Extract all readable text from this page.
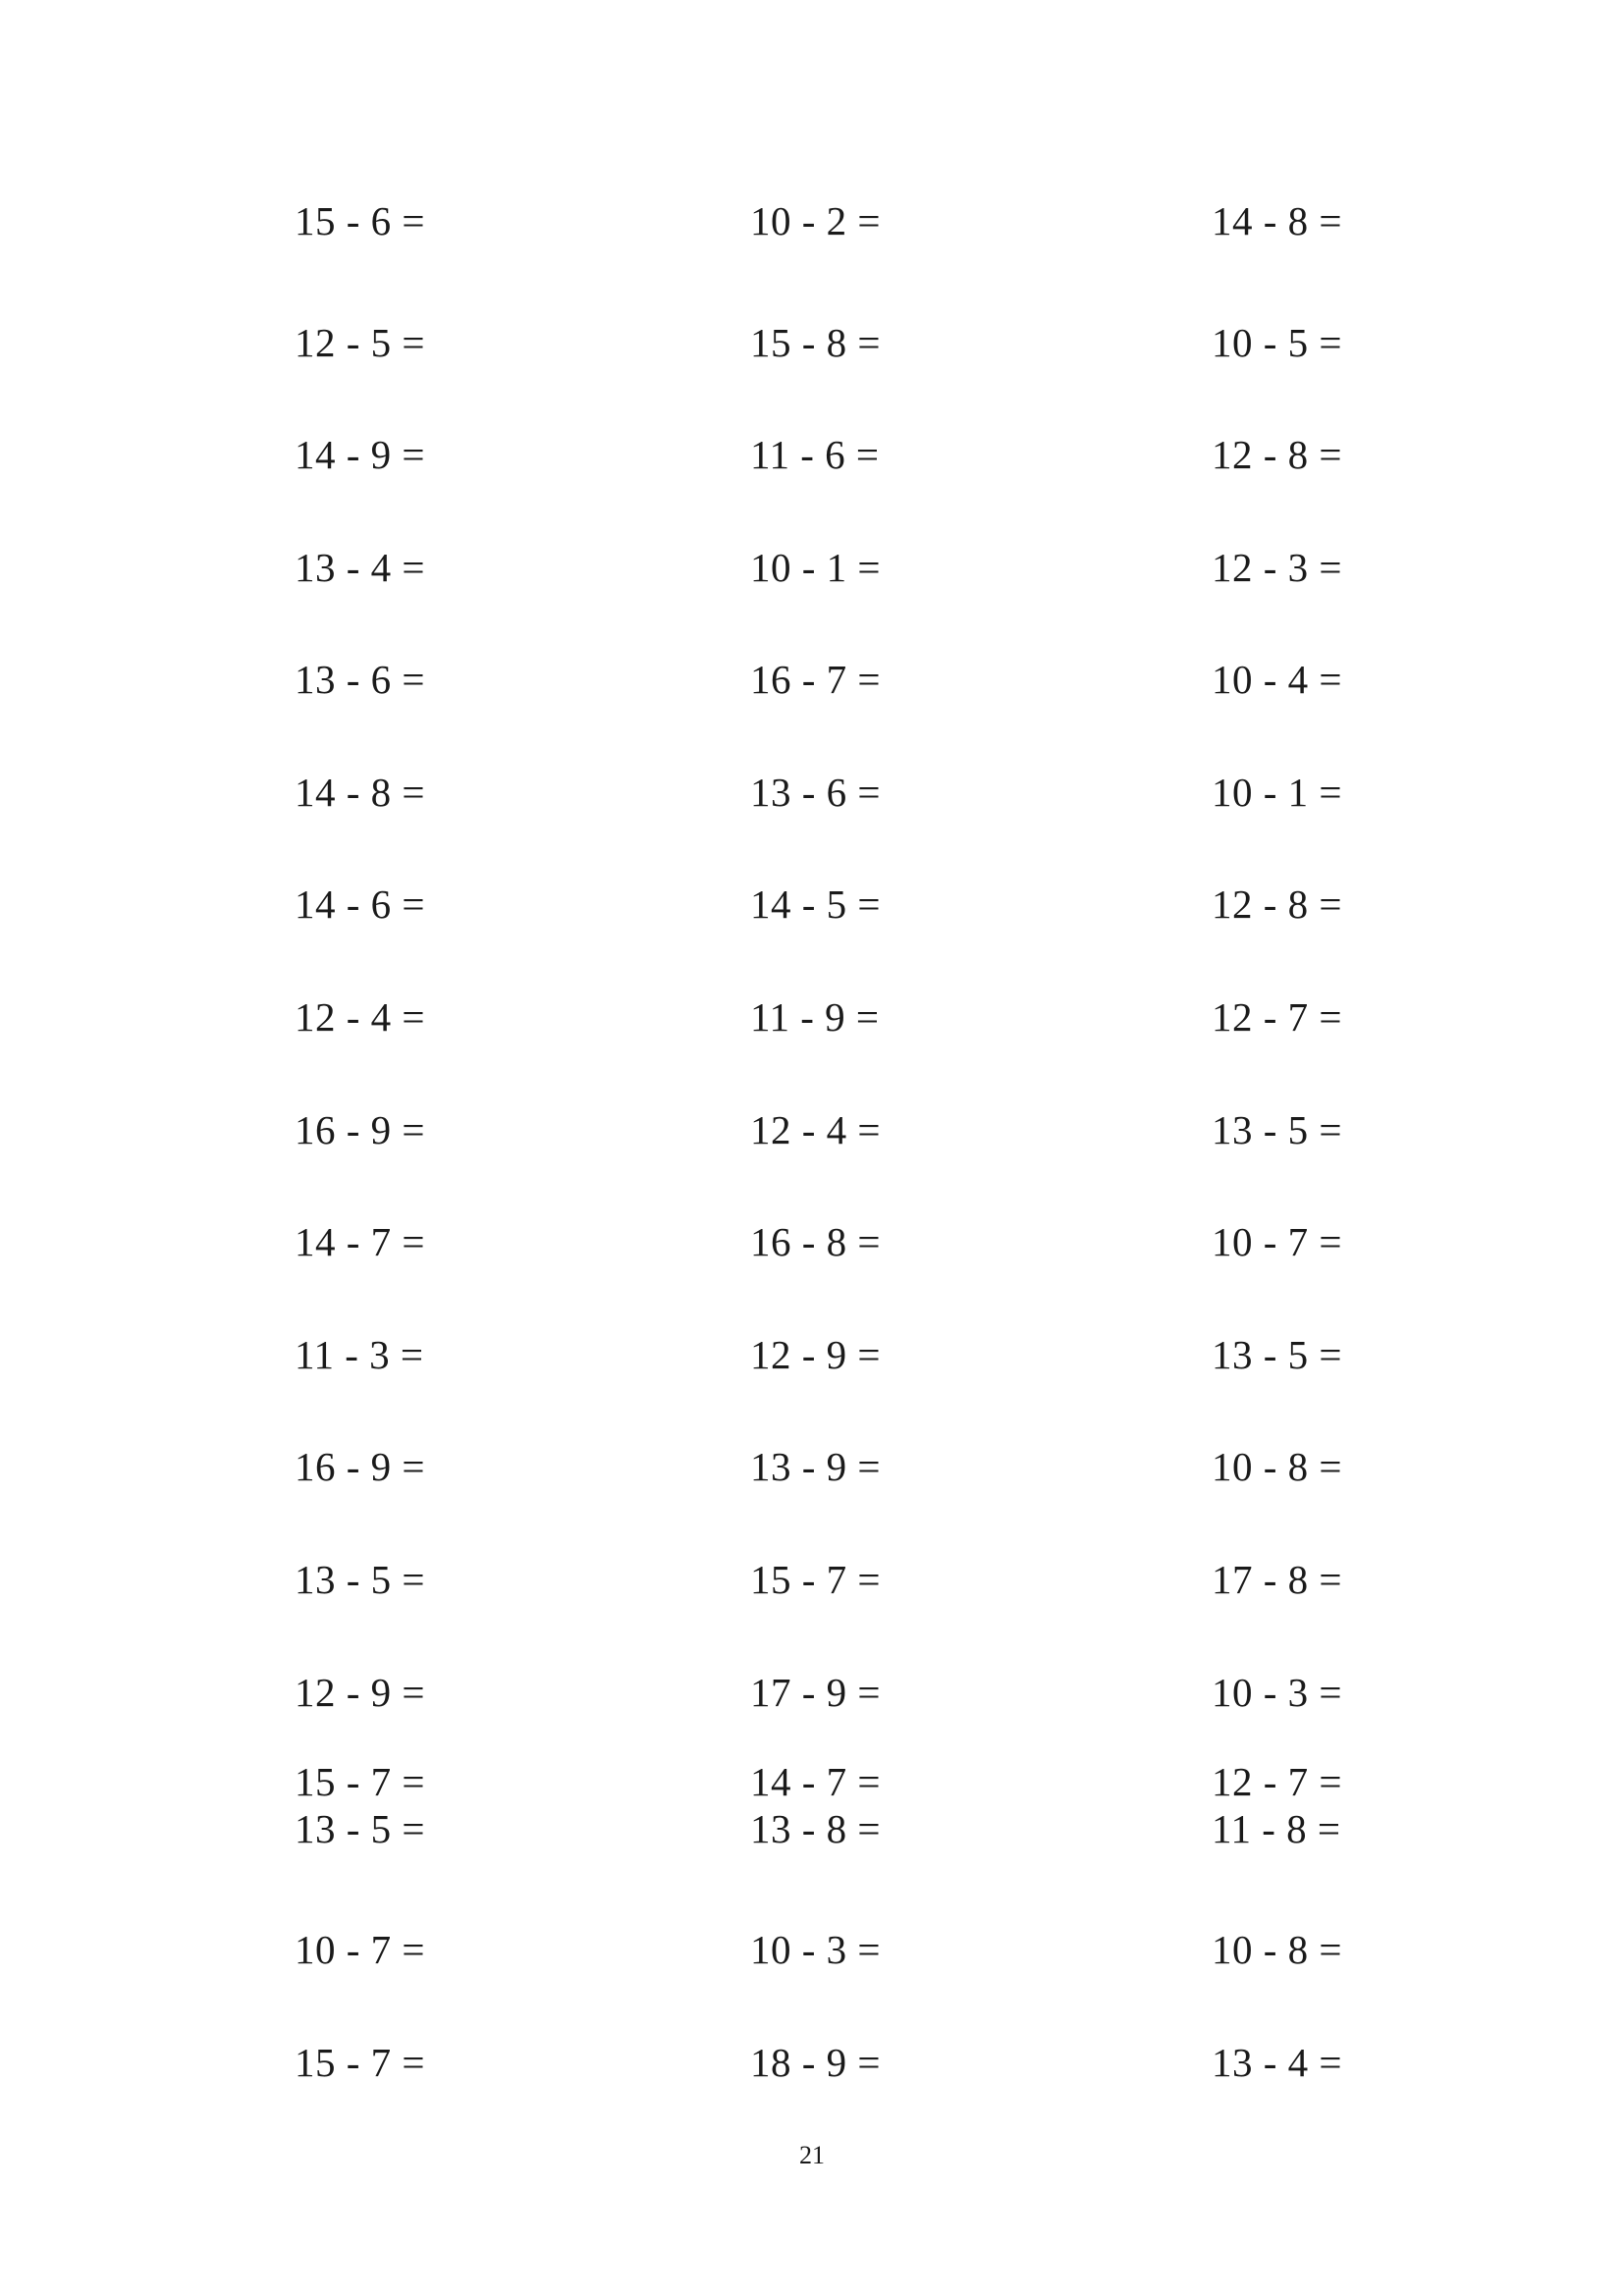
15 - 6 =	10 - 2 =	14 - 8 =
12 - 5 =	15 - 8 =	10 - 5 =
14 - 9 =	11 - 6 =	12 - 8 =
13 - 4 =	10 - 1 =	12 - 3 =
13 - 6 =	16 - 7 =	10 - 4 =
14 - 8 =	13 - 6 =	10 - 1 =
14 - 6 =	14 - 5 =	12 - 8 =
12 - 4 =	11 - 9 =	12 - 7 =
16 - 9 =	12 - 4 =	13 - 5 =
14 - 7 =	16 - 8 =	10 - 7 =
11 - 3 =	12 - 9 =	13 - 5 =
16 - 9 =	13 - 9 =	10 - 8 =
13 - 5 =	15 - 7 =	17 - 8 =
12 - 9 =	17 - 9 =	10 - 3 =
15 - 7 =	14 - 7 =	12 - 7 =
13 - 5 =	13 - 8 =	11 - 8 =
10 - 7 =	10 - 3 =	10 - 8 =
15 - 7 =	18 - 9 =	13 - 4 =
21
